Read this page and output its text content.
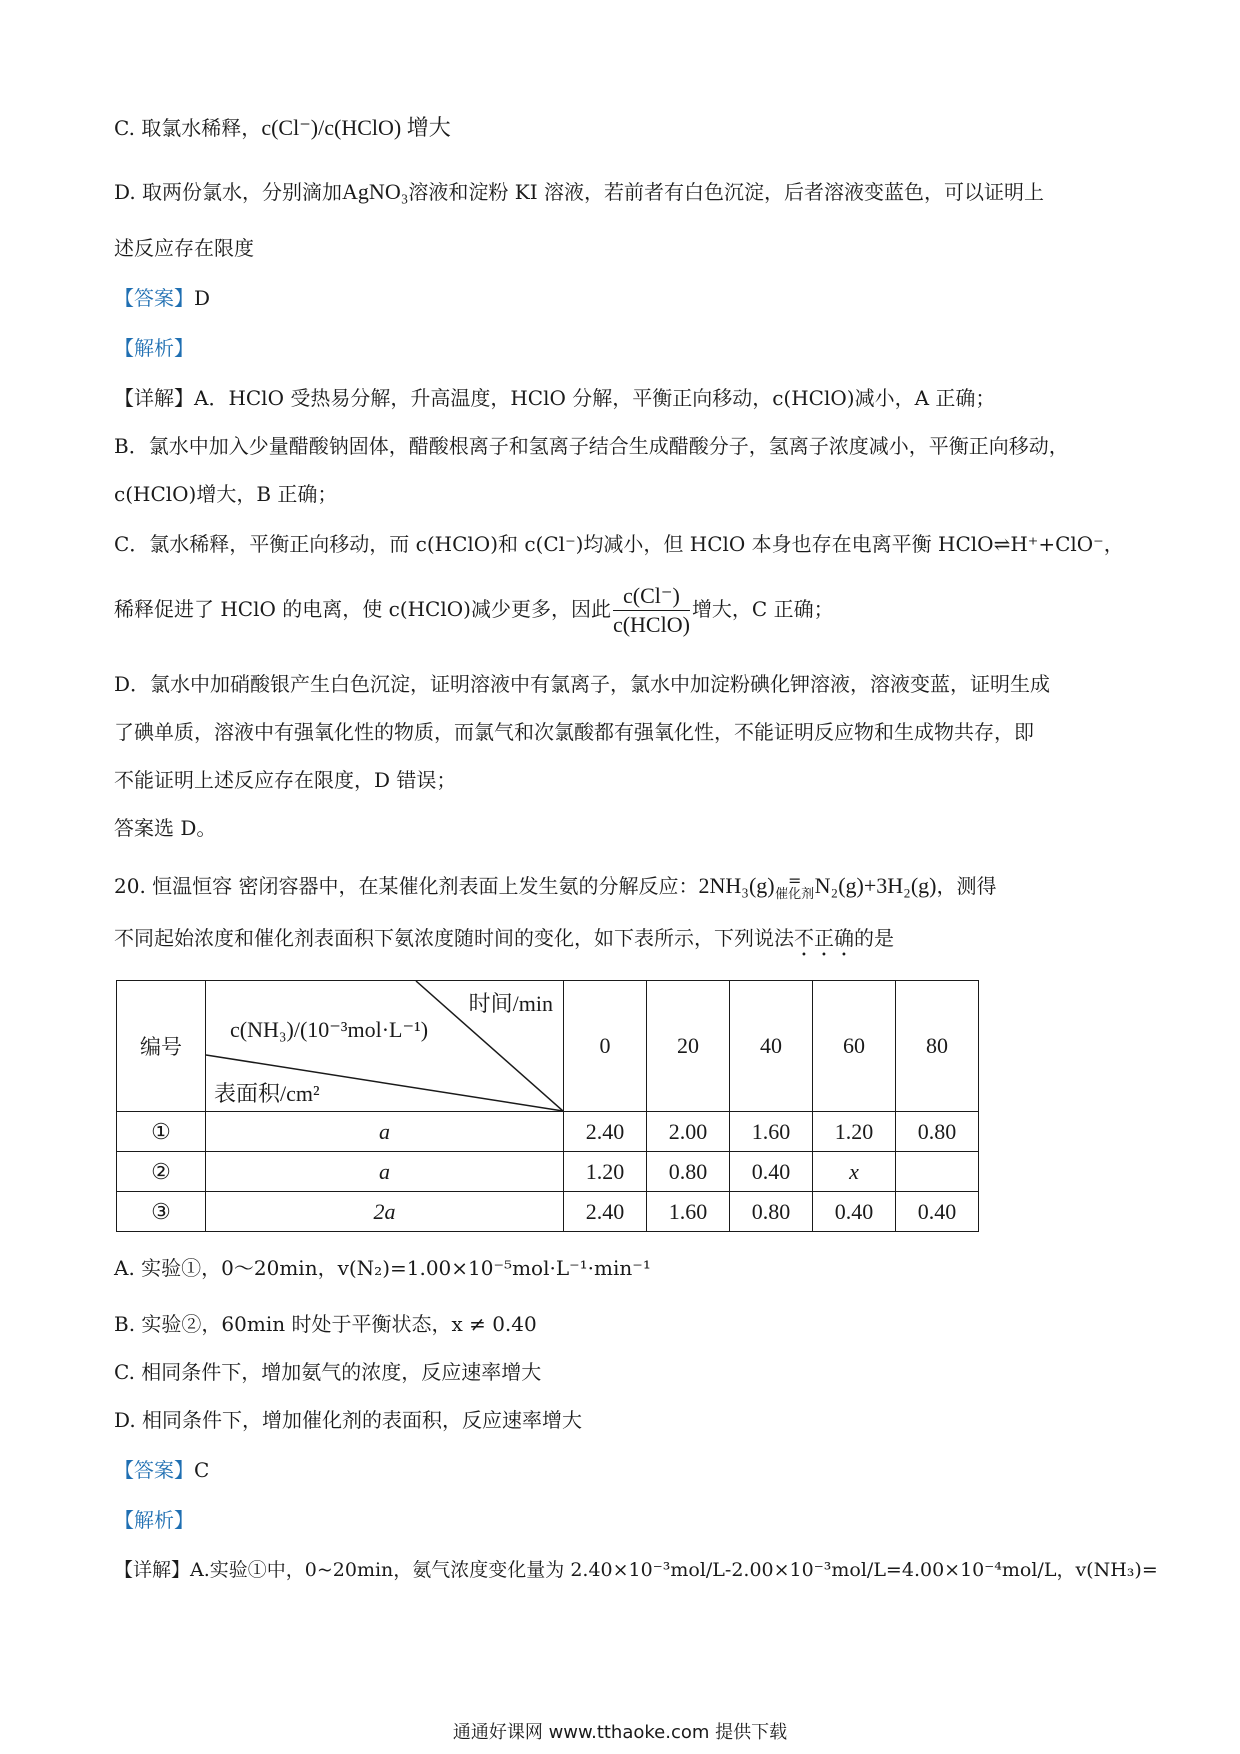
C. 取氯水稀释，c(Cl⁻)/c(HClO) 增大
D. 取两份氯水，分别滴加AgNO₃溶液和淀粉 KI 溶液，若前者有白色沉淀，后者溶液变蓝色，可以证明上
述反应存在限度
【答案】D
【解析】
【详解】A．HClO 受热易分解，升高温度，HClO 分解，平衡正向移动，c(HClO)减小，A 正确；
B．氯水中加入少量醋酸钠固体，醋酸根离子和氢离子结合生成醋酸分子，氢离子浓度减小，平衡正向移动，
c(HClO)增大，B 正确；
C．氯水稀释，平衡正向移动，而 c(HClO)和 c(Cl⁻)均减小，但 HClO 本身也存在电离平衡 HClO⇌H⁺+ClO⁻，
稀释促进了 HClO 的电离，使 c(HClO)减少更多，因此 $\frac{c(Cl^-)}{\text{c(HClO)}}$ 增大，C 正确；
D．氯水中加硝酸银产生白色沉淀，证明溶液中有氯离子，氯水中加淀粉碘化钾溶液，溶液变蓝，证明生成
了碘单质，溶液中有强氧化性的物质，而氯气和次氯酸都有强氧化性，不能证明反应物和生成物共存，即
不能证明上述反应存在限度，D 错误；
答案选 D。
20. 恒温恒容 密闭容器中，在某催化剂表面上发生氨的分解反应：2NH₃(g) =
催化剂 N₂(g)+3H₂(g)，测得
不同起始浓度和催化剂表面积下氨浓度随时间的变化，如下表所示，下列说法不正确的是
编号	时间/min
c(NH₃)/(10⁻³mol·L⁻¹)
表面积/cm²	0	20	40	60	80
①	a	2.40	2.00	1.60	1.20	0.80
②	a	1.20	0.80	0.40	x	
③	2a	2.40	1.60	0.80	0.40	0.40
A. 实验①，0～20min，v(N₂)=1.00×10⁻⁵mol·L⁻¹·min⁻¹
B. 实验②，60min 时处于平衡状态，x ≠ 0.40
C. 相同条件下，增加氨气的浓度，反应速率增大
D. 相同条件下，增加催化剂的表面积，反应速率增大
【答案】C
【解析】
【详解】A.实验①中，0~20min，氨气浓度变化量为 2.40×10⁻³mol/L-2.00×10⁻³mol/L=4.00×10⁻⁴mol/L，v(NH₃)=
通通好课网 www.tthaoke.com 提供下载
